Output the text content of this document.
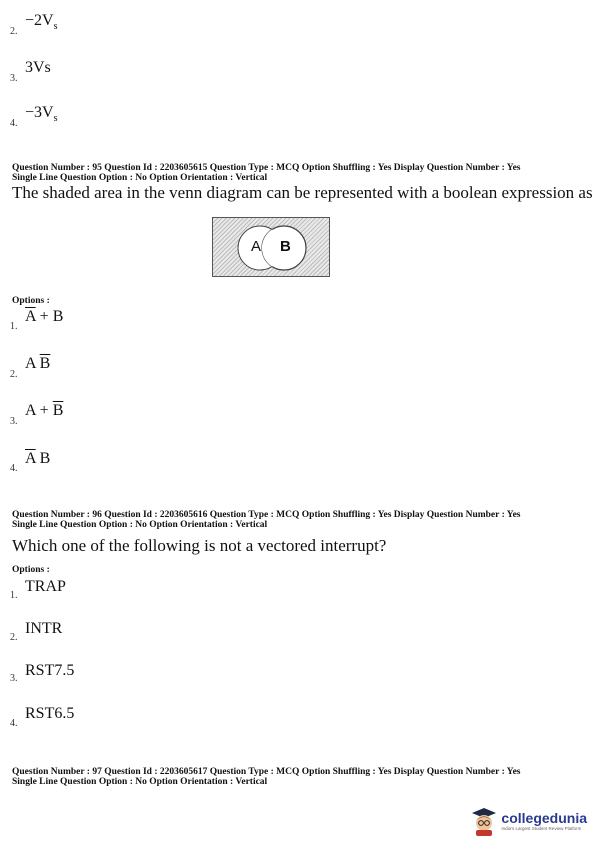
2.
$-2V_s$
3.
3Vs
4.
$-3V_s$
Question Number : 95 Question Id : 2203605615 Question Type : MCQ Option Shuffling : Yes Display Question Number : Yes
Single Line Question Option : No Option Orientation : Vertical
The shaded area in the venn diagram can be represented with a boolean expression as
A B
Options :
1.
$\overline{A} + B$
2.
A $\overline{B}$
3.
$A + \overline{B}$
4.
$\overline{A}$ B
Question Number : 96 Question Id : 2203605616 Question Type : MCQ Option Shuffling : Yes Display Question Number : Yes
Single Line Question Option : No Option Orientation : Vertical
Which one of the following is not a vectored interrupt?
Options :
1.
TRAP
2.
INTR
3. RST7.5
4.
RST6.5
Question Number : 97 Question Id : 2203605617 Question Type : MCQ Option Shuffling : Yes Display Question Number : Yes
Single Line Question Option : No Option Orientation : Vertical
collegedunia
India's Largest Student Review Platform
